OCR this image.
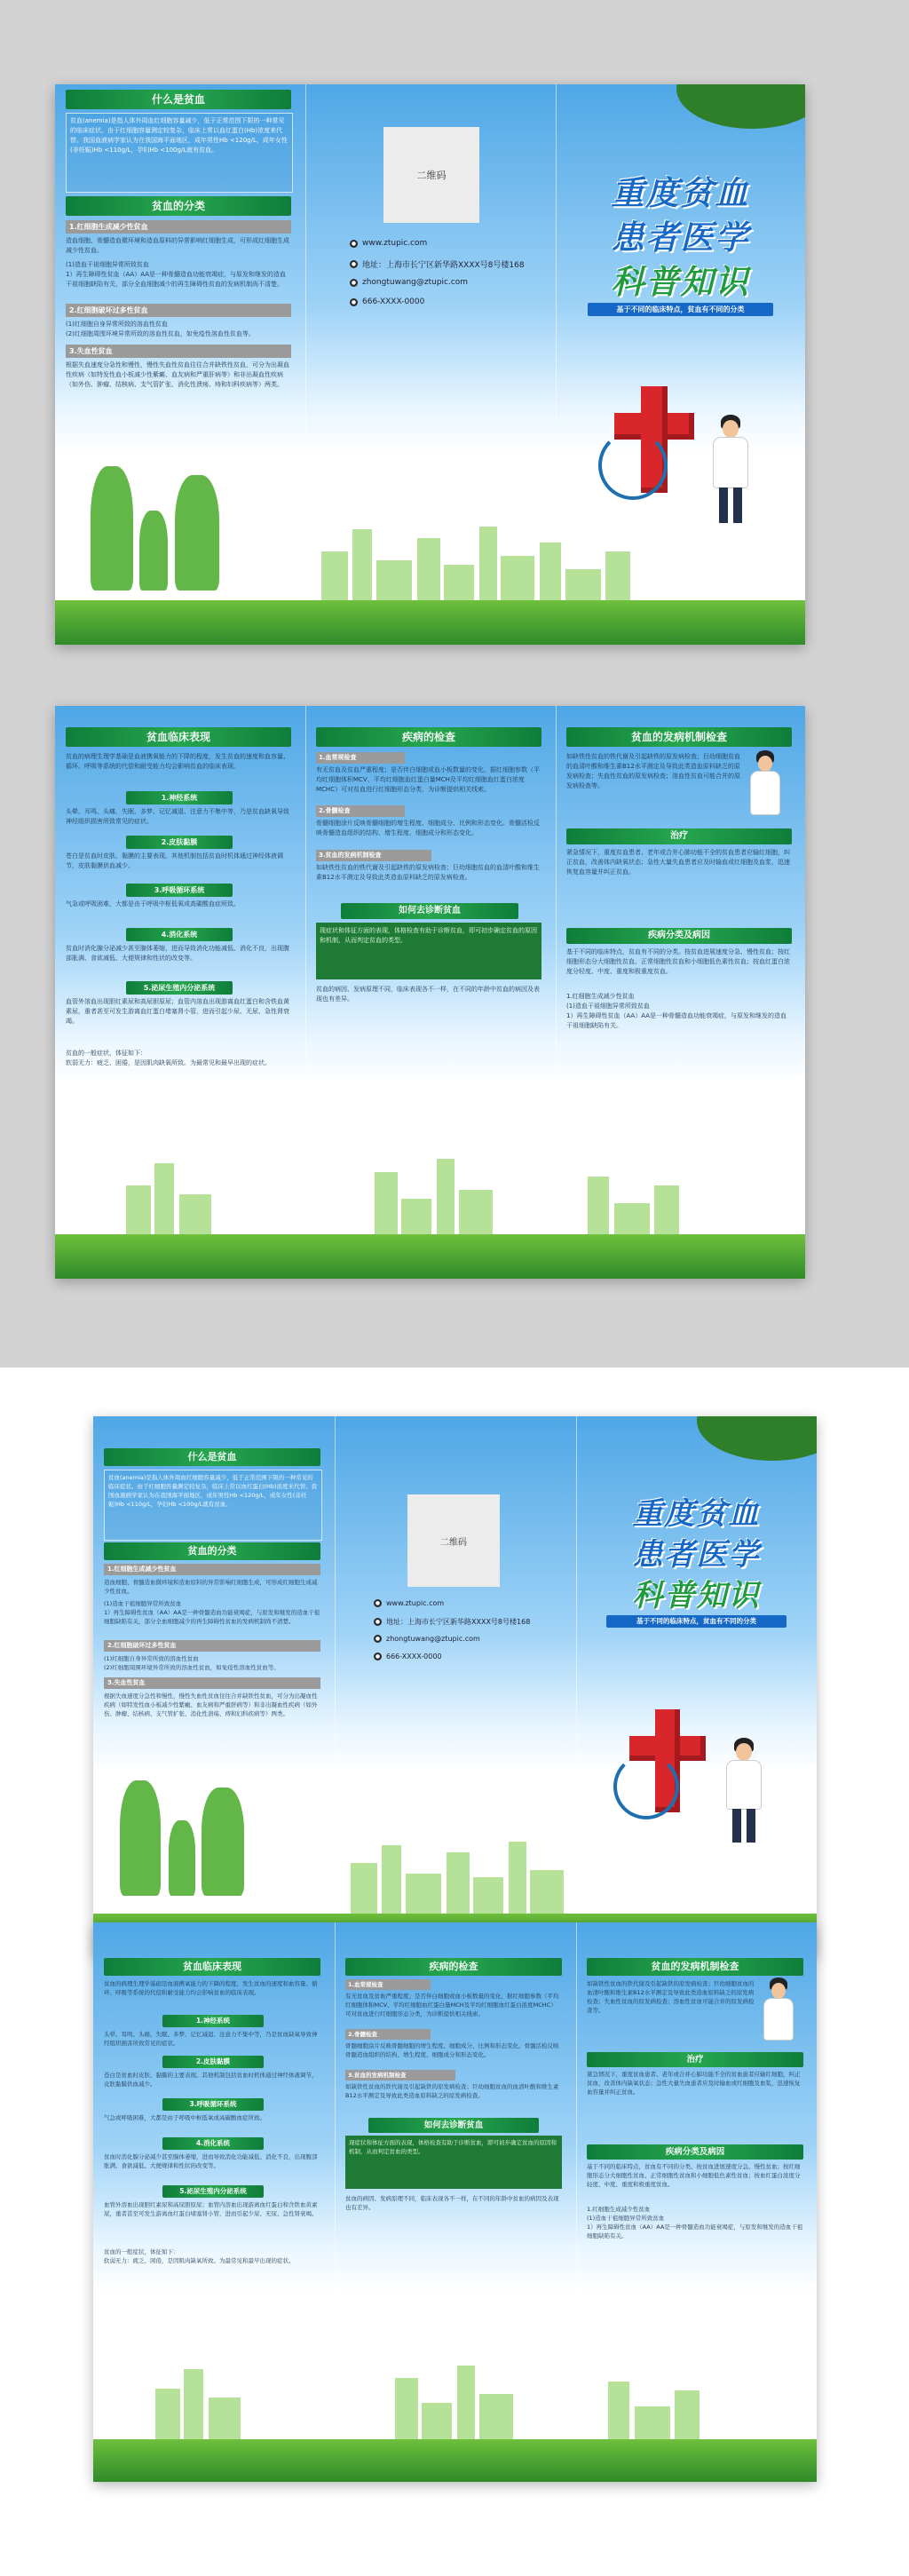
什么是贫血

贫血(anemia)是指人体外周血红细胞容量减少，低于正常范围下限的一种常见的临床症状。由于红细胞容量测定较复杂，临床上常以血红蛋白(Hb)浓度来代替。我国血液病学家认为在我国海平面地区，成年男性Hb <120g/L，成年女性(非妊娠)Hb <110g/L，孕妇Hb <100g/L就有贫血。

贫血的分类
1.红细胞生成减少性贫血

造血细胞、骨髓造血微环境和造血原料的异常影响红细胞生成，可形成红细胞生成减少性贫血。

(1)造血干祖细胞异常所致贫血
1）再生障碍性贫血（AA）AA是一种骨髓造血功能衰竭症，与原发和继发的造血干祖细胞缺陷有关，部分全血细胞减少的再生障碍性贫血的发病机制尚不清楚。

2.红细胞破坏过多性贫血

(1)红细胞自身异常所致的溶血性贫血
(2)红细胞周围环境异常所致的溶血性贫血，如免疫性溶血性贫血等。

3.失血性贫血

根据失血速度分急性和慢性，慢性失血性贫血往往合并缺铁性贫血，可分为出凝血性疾病（如特发性血小板减少性紫癜、血友病和严重肝病等）和非出凝血性疾病（如外伤、肿瘤、结核病、支气管扩张、消化性溃疡、痔和妇科疾病等）两类。

二维码
● www.ztupic.com
● 地址：上海市长宁区新华路XXXX号8号楼168
● zhongtuwang@ztupic.com
● 666-XXXX-0000
重度贫血
患者医学
科普知识
基于不同的临床特点，贫血有不同的分类
贫血临床表现

贫血的病理生理学基础是血液携氧能力的下降的程度，发生贫血的速度和血容量、循环、呼吸等系统的代偿和耐受能力均会影响贫血的临床表现。

1.神经系统

头晕、耳鸣、头痛、失眠、多梦、记忆减退、注意力不集中等，乃是贫血缺氧导致神经组织损害所致常见的症状。

2.皮肤黏膜

苍白是贫血时皮肤、黏膜的主要表现。其他机制包括贫血时机体通过神经体液调节，皮肤黏膜供血减少。

3.呼吸循环系统

气急或呼吸困难，大都是由于呼吸中枢低氧或高碳酸血症所致。

4.消化系统

贫血时消化腺分泌减少甚至腺体萎缩，进而导致消化功能减低、消化不良，出现腹部胀满、食欲减低、大便规律和性状的改变等。

5.泌尿生殖内分泌系统

血管外溶血出现胆红素尿和高尿胆原尿；血管内溶血出现游离血红蛋白和含铁血黄素尿，重者甚至可发生游离血红蛋白堵塞肾小管，进而引起少尿、无尿、急性肾衰竭。

贫血的一般症状，体征如下：
软弱无力：疲乏、困倦，是因肌肉缺氧所致。为最常见和最早出现的症状。

疾病的检查
1.血常规检查

有无贫血及贫血严重程度；是否伴白细胞或血小板数量的变化，据红细胞参数（平均红细胞体积MCV、平均红细胞血红蛋白量MCH及平均红细胞血红蛋白浓度MCHC）可对贫血进行红细胞形态分类，为诊断提供相关线索。

2.骨髓检查

骨髓细胞涂片反映骨髓细胞的增生程度、细胞成分、比例和形态变化。骨髓活检反映骨髓造血组织的结构、增生程度、细胞成分和形态变化。

3.贫血的发病机制检查

如缺铁性贫血的铁代谢及引起缺铁的原发病检查；巨幼细胞贫血的血清叶酸和维生素B12水平测定及导致此类造血原料缺乏的原发病检查。

如何去诊断贫血
现症状和体征方面的表现，体格检查有助于诊断贫血，即可初步确定贫血的原因和机制，从而判定贫血的类型。

贫血的病因、发病原理不同，临床表现各不一样，在不同的年龄中贫血的病因及表现也有差异。

贫血的发病机制检查

如缺铁性贫血的铁代谢及引起缺铁的原发病检查；巨幼细胞贫血的血清叶酸和维生素B12水平测定及导致此类造血原料缺乏的原发病检查；失血性贫血的原发病检查；溶血性贫血可能合并的原发病检查等。

治疗

紧急情况下，重度贫血患者、老年或合并心肺功能不全的贫血患者应输红细胞，纠正贫血，改善体内缺氧状态；急性大量失血患者应及时输血或红细胞及血浆，迅速恢复血容量并纠正贫血。

疾病分类及病因

基于不同的临床特点，贫血有不同的分类。按贫血进展速度分急、慢性贫血；按红细胞形态分大细胞性贫血、正常细胞性贫血和小细胞低色素性贫血；按血红蛋白浓度分轻度、中度、重度和极重度贫血。

1.红细胞生成减少性贫血
(1)造血干祖细胞异常所致贫血
1）再生障碍性贫血（AA）AA是一种骨髓造血功能衰竭症，与原发和继发的造血干祖细胞缺陷有关。

什么是贫血

贫血(anemia)是指人体外周血红细胞容量减少，低于正常范围下限的一种常见的临床症状。由于红细胞容量测定较复杂，临床上常以血红蛋白(Hb)浓度来代替。我国血液病学家认为在我国海平面地区，成年男性Hb <120g/L，成年女性(非妊娠)Hb <110g/L，孕妇Hb <100g/L就有贫血。

贫血的分类
1.红细胞生成减少性贫血

造血细胞、骨髓造血微环境和造血原料的异常影响红细胞生成，可形成红细胞生成减少性贫血。

(1)造血干祖细胞异常所致贫血
1）再生障碍性贫血（AA）AA是一种骨髓造血功能衰竭症，与原发和继发的造血干祖细胞缺陷有关，部分全血细胞减少的再生障碍性贫血的发病机制尚不清楚。

2.红细胞破坏过多性贫血

(1)红细胞自身异常所致的溶血性贫血
(2)红细胞周围环境异常所致的溶血性贫血，如免疫性溶血性贫血等。

3.失血性贫血

根据失血速度分急性和慢性，慢性失血性贫血往往合并缺铁性贫血，可分为出凝血性疾病（如特发性血小板减少性紫癜、血友病和严重肝病等）和非出凝血性疾病（如外伤、肿瘤、结核病、支气管扩张、消化性溃疡、痔和妇科疾病等）两类。

二维码
● www.ztupic.com
● 地址：上海市长宁区新华路XXXX号8号楼168
● zhongtuwang@ztupic.com
● 666-XXXX-0000
重度贫血
患者医学
科普知识
基于不同的临床特点，贫血有不同的分类
贫血临床表现

贫血的病理生理学基础是血液携氧能力的下降的程度，发生贫血的速度和血容量、循环、呼吸等系统的代偿和耐受能力均会影响贫血的临床表现。

1.神经系统

头晕、耳鸣、头痛、失眠、多梦、记忆减退、注意力不集中等，乃是贫血缺氧导致神经组织损害所致常见的症状。

2.皮肤黏膜

苍白是贫血时皮肤、黏膜的主要表现。其他机制包括贫血时机体通过神经体液调节，皮肤黏膜供血减少。

3.呼吸循环系统

气急或呼吸困难，大都是由于呼吸中枢低氧或高碳酸血症所致。

4.消化系统

贫血时消化腺分泌减少甚至腺体萎缩，进而导致消化功能减低、消化不良，出现腹部胀满、食欲减低、大便规律和性状的改变等。

5.泌尿生殖内分泌系统

血管外溶血出现胆红素尿和高尿胆原尿；血管内溶血出现游离血红蛋白和含铁血黄素尿，重者甚至可发生游离血红蛋白堵塞肾小管，进而引起少尿、无尿、急性肾衰竭。

贫血的一般症状，体征如下：
软弱无力：疲乏、困倦，是因肌肉缺氧所致。为最常见和最早出现的症状。

疾病的检查
1.血常规检查

有无贫血及贫血严重程度；是否伴白细胞或血小板数量的变化，据红细胞参数（平均红细胞体积MCV、平均红细胞血红蛋白量MCH及平均红细胞血红蛋白浓度MCHC）可对贫血进行红细胞形态分类，为诊断提供相关线索。

2.骨髓检查

骨髓细胞涂片反映骨髓细胞的增生程度、细胞成分、比例和形态变化。骨髓活检反映骨髓造血组织的结构、增生程度、细胞成分和形态变化。

3.贫血的发病机制检查

如缺铁性贫血的铁代谢及引起缺铁的原发病检查；巨幼细胞贫血的血清叶酸和维生素B12水平测定及导致此类造血原料缺乏的原发病检查。

如何去诊断贫血
现症状和体征方面的表现，体格检查有助于诊断贫血，即可初步确定贫血的原因和机制，从而判定贫血的类型。

贫血的病因、发病原理不同，临床表现各不一样，在不同的年龄中贫血的病因及表现也有差异。

贫血的发病机制检查

如缺铁性贫血的铁代谢及引起缺铁的原发病检查；巨幼细胞贫血的血清叶酸和维生素B12水平测定及导致此类造血原料缺乏的原发病检查；失血性贫血的原发病检查；溶血性贫血可能合并的原发病检查等。

治疗

紧急情况下，重度贫血患者、老年或合并心肺功能不全的贫血患者应输红细胞，纠正贫血，改善体内缺氧状态；急性大量失血患者应及时输血或红细胞及血浆，迅速恢复血容量并纠正贫血。

疾病分类及病因

基于不同的临床特点，贫血有不同的分类。按贫血进展速度分急、慢性贫血；按红细胞形态分大细胞性贫血、正常细胞性贫血和小细胞低色素性贫血；按血红蛋白浓度分轻度、中度、重度和极重度贫血。

1.红细胞生成减少性贫血
(1)造血干祖细胞异常所致贫血
1）再生障碍性贫血（AA）AA是一种骨髓造血功能衰竭症，与原发和继发的造血干祖细胞缺陷有关。
